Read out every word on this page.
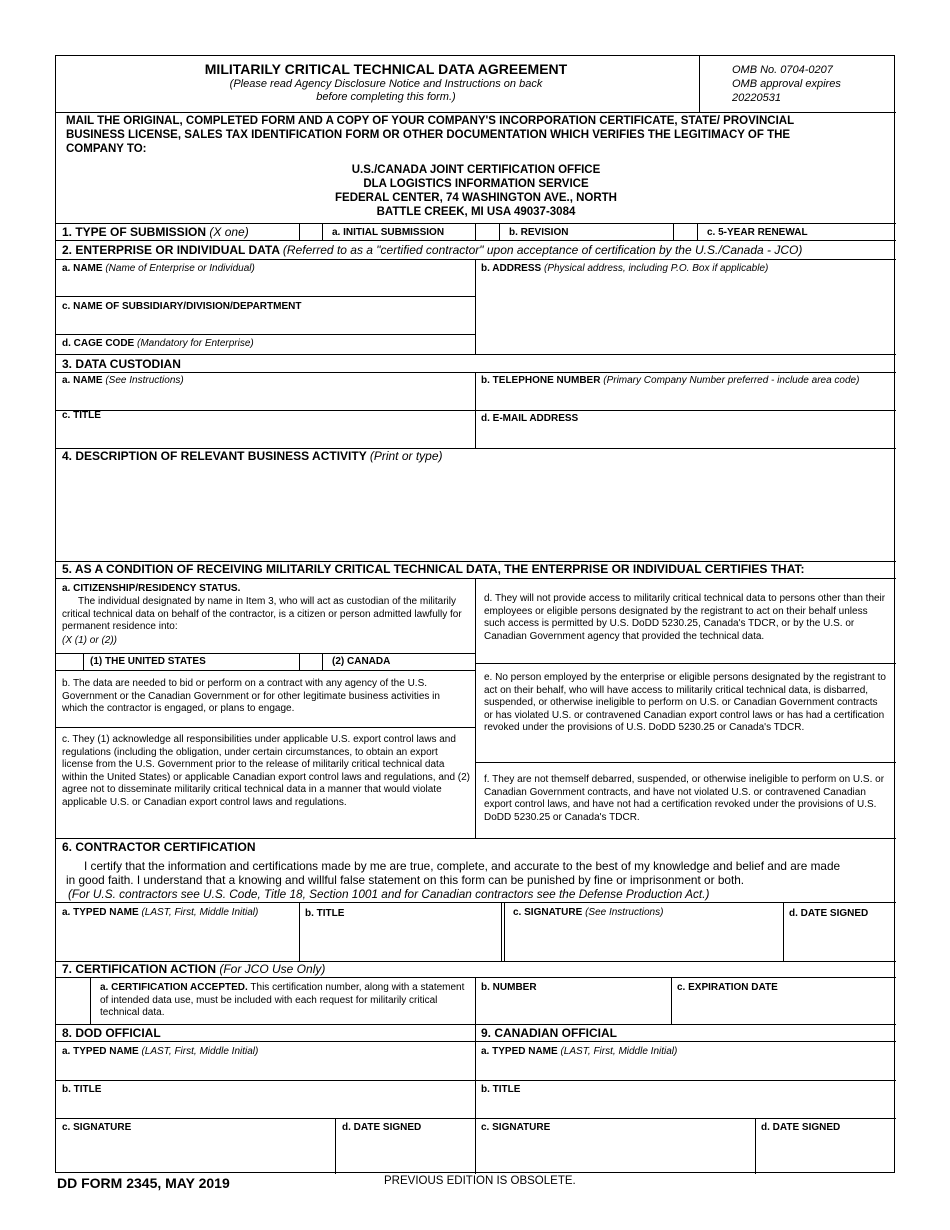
MILITARILY CRITICAL TECHNICAL DATA AGREEMENT
(Please read Agency Disclosure Notice and Instructions on back
before completing this form.)
OMB No. 0704-0207
OMB approval expires
20220531
MAIL THE ORIGINAL, COMPLETED FORM AND A COPY OF YOUR COMPANY'S INCORPORATION CERTIFICATE, STATE/ PROVINCIAL
BUSINESS LICENSE, SALES TAX IDENTIFICATION FORM OR OTHER DOCUMENTATION WHICH VERIFIES THE LEGITIMACY OF THE
COMPANY TO:
U.S./CANADA JOINT CERTIFICATION OFFICE
DLA LOGISTICS INFORMATION SERVICE
FEDERAL CENTER, 74 WASHINGTON AVE., NORTH
BATTLE CREEK, MI USA 49037-3084
1. TYPE OF SUBMISSION (X one)	a. INITIAL SUBMISSION	b. REVISION	c. 5-YEAR RENEWAL
2. ENTERPRISE OR INDIVIDUAL DATA (Referred to as a "certified contractor" upon acceptance of certification by the U.S./Canada - JCO)
a. NAME (Name of Enterprise or Individual)	b. ADDRESS (Physical address, including P.O. Box if applicable)
c. NAME OF SUBSIDIARY/DIVISION/DEPARTMENT
d. CAGE CODE (Mandatory for Enterprise)
3. DATA CUSTODIAN
a. NAME (See Instructions)	b. TELEPHONE NUMBER (Primary Company Number preferred - include area code)
c. TITLE	d. E-MAIL ADDRESS
4. DESCRIPTION OF RELEVANT BUSINESS ACTIVITY (Print or type)
5. AS A CONDITION OF RECEIVING MILITARILY CRITICAL TECHNICAL DATA, THE ENTERPRISE OR INDIVIDUAL CERTIFIES THAT:
a. CITIZENSHIP/RESIDENCY STATUS.
The individual designated by name in Item 3, who will act as custodian of the militarily critical technical data on behalf of the contractor, is a citizen or person admitted lawfully for permanent residence into:
(X (1) or (2))
(1) THE UNITED STATES	(2) CANADA
b. The data are needed to bid or perform on a contract with any agency of the U.S. Government or the Canadian Government or for other legitimate business activities in which the contractor is engaged, or plans to engage.
c. They (1) acknowledge all responsibilities under applicable U.S. export control laws and regulations (including the obligation, under certain circumstances, to obtain an export license from the U.S. Government prior to the release of militarily critical technical data within the United States) or applicable Canadian export control laws and regulations, and (2) agree not to disseminate militarily critical technical data in a manner that would violate applicable U.S. or Canadian export control laws and regulations.
d. They will not provide access to militarily critical technical data to persons other than their employees or eligible persons designated by the registrant to act on their behalf unless such access is permitted by U.S. DoDD 5230.25, Canada's TDCR, or by the U.S. or Canadian Government agency that provided the technical data.
e. No person employed by the enterprise or eligible persons designated by the registrant to act on their behalf, who will have access to militarily critical technical data, is disbarred, suspended, or otherwise ineligible to perform on U.S. or Canadian Government contracts or has violated U.S. or contravened Canadian export control laws or has had a certification revoked under the provisions of U.S. DoDD 5230.25 or Canada's TDCR.
f. They are not themself debarred, suspended, or otherwise ineligible to perform on U.S. or Canadian Government contracts, and have not violated U.S. or contravened Canadian export control laws, and have not had a certification revoked under the provisions of U.S. DoDD 5230.25 or Canada's TDCR.
6. CONTRACTOR CERTIFICATION
I certify that the information and certifications made by me are true, complete, and accurate to the best of my knowledge and belief and are made
in good faith. I understand that a knowing and willful false statement on this form can be punished by fine or imprisonment or both.
(For U.S. contractors see U.S. Code, Title 18, Section 1001 and for Canadian contractors see the Defense Production Act.)
a. TYPED NAME (LAST, First, Middle Initial)	b. TITLE	c. SIGNATURE (See Instructions)	d. DATE SIGNED
7. CERTIFICATION ACTION (For JCO Use Only)
a. CERTIFICATION ACCEPTED. This certification number, along with a statement of intended data use, must be included with each request for militarily critical technical data.
b. NUMBER	c. EXPIRATION DATE
8. DOD OFFICIAL	9. CANADIAN OFFICIAL
a. TYPED NAME (LAST, First, Middle Initial)	a. TYPED NAME (LAST, First, Middle Initial)
b. TITLE	b. TITLE
c. SIGNATURE	d. DATE SIGNED	c. SIGNATURE	d. DATE SIGNED
DD FORM 2345, MAY 2019	PREVIOUS EDITION IS OBSOLETE.
